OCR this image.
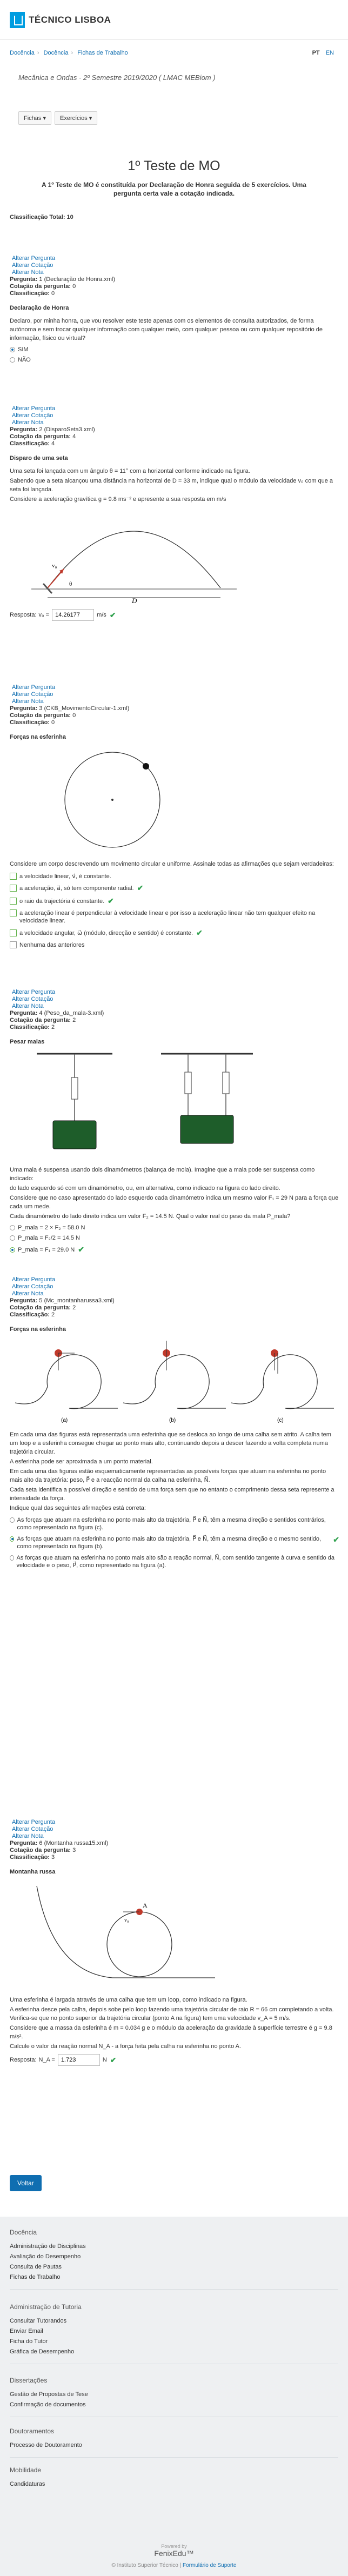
TÉCNICO LISBOA
Docência › Docência › Fichas de Trabalho	PT EN
Mecânica e Ondas - 2º Semestre 2019/2020 ( LMAC MEBiom )
Fichas ▾	Exercícios ▾
1º Teste de MO
A 1º Teste de MO é constituída por Declaração de Honra seguida de 5 exercícios. Uma pergunta certa vale a cotação indicada.
Classificação Total: 10
Alterar Pergunta
Alterar Cotação
Alterar Nota
Pergunta: 1 (Declaração de Honra.xml)
Cotação da pergunta: 0
Classificação: 0
Declaração de Honra
Declaro, por minha honra, que vou resolver este teste apenas com os elementos de consulta autorizados, de forma autónoma e sem trocar qualquer informação com qualquer meio, com qualquer pessoa ou com qualquer repositório de informação, físico ou virtual?
SIM
NÃO
Alterar Pergunta
Alterar Cotação
Alterar Nota
Pergunta: 2 (DisparoSeta3.xml)
Cotação da pergunta: 4
Classificação: 4
Disparo de uma seta

Uma seta foi lançada com um ângulo θ = 11° com a horizontal conforme indicado na figura.

Sabendo que a seta alcançou uma distância na horizontal de D = 33 m, indique qual o módulo da velocidade v₀ com que a seta foi lançada.

Considere a aceleração gravítica g = 9.8 ms⁻² e apresente a sua resposta em m/s

v₀
θ
D
Resposta: v₀ =
14.26177	m/s ✔
Alterar Pergunta
Alterar Cotação
Alterar Nota
Pergunta: 3 (CKB_MovimentoCircular-1.xml)
Cotação da pergunta: 0
Classificação: 0
Forças na esferinha
Considere um corpo descrevendo um movimento circular e uniforme. Assinale todas as afirmações que sejam verdadeiras:
a velocidade linear, v⃗, é constante.
a aceleração, a⃗, só tem componente radial. ✔
o raio da trajectória é constante. ✔
a aceleração linear é perpendicular à velocidade linear e por isso a aceleração linear não tem qualquer efeito na velocidade linear.
a velocidade angular, ω⃗ (módulo, direcção e sentido) é constante. ✔
Nenhuma das anteriores
Alterar Pergunta
Alterar Cotação
Alterar Nota
Pergunta: 4 (Peso_da_mala-3.xml)
Cotação da pergunta: 2
Classificação: 2
Pesar malas

Uma mala é suspensa usando dois dinamómetros (balança de mola). Imagine que a mala pode ser suspensa como indicado:

do lado esquerdo só com um dinamómetro, ou, em alternativa, como indicado na figura do lado direito.

Considere que no caso apresentado do lado esquerdo cada dinamómetro indica um mesmo valor F₁ = 29 N para a força que cada um mede.

Cada dinamómetro do lado direito indica um valor F₂ = 14.5 N. Qual o valor real do peso da mala P_mala?

P_mala = 2 × F₂ = 58.0 N
P_mala = F₂/2 = 14.5 N
P_mala = F₁ = 29.0 N ✔
Alterar Pergunta
Alterar Cotação
Alterar Nota
Pergunta: 5 (Mc_montanharussa3.xml)
Cotação da pergunta: 2
Classificação: 2
Forças na esferinha
(a)	(b)	(c)

Em cada uma das figuras está representada uma esferinha que se desloca ao longo de uma calha sem atrito. A calha tem um loop e a esferinha consegue chegar ao ponto mais alto, continuando depois a descer fazendo a volta completa numa trajetória circular.

A esferinha pode ser aproximada a um ponto material.

Em cada uma das figuras estão esquematicamente representadas as possíveis forças que atuam na esferinha no ponto mais alto da trajetória: peso, P⃗ e a reacção normal da calha na esferinha, N⃗.

Cada seta identifica a possível direção e sentido de uma força sem que no entanto o comprimento dessa seta represente a intensidade da força.

Indique qual das seguintes afirmações está correta:

As forças que atuam na esferinha no ponto mais alto da trajetória, P⃗ e N⃗, têm a mesma direção e sentidos contrários, como representado na figura (c).
As forças que atuam na esferinha no ponto mais alto da trajetória, P⃗ e N⃗, têm a mesma direção e o mesmo sentido, como representado na figura (b).
✔
As forças que atuam na esferinha no ponto mais alto são a reação normal, N⃗, com sentido tangente à curva e sentido da velocidade e o peso, P⃗, como representado na figura (a).
Alterar Pergunta
Alterar Cotação
Alterar Nota
Pergunta: 6 (Montanha russa15.xml)
Cotação da pergunta: 3
Classificação: 3
Montanha russa
A
v₀

Uma esferinha é largada através de uma calha que tem um loop, como indicado na figura.

A esferinha desce pela calha, depois sobe pelo loop fazendo uma trajetória circular de raio R = 66 cm completando a volta. Verifica-se que no ponto superior da trajetória circular (ponto A na figura) tem uma velocidade v_A = 5 m/s.

Considere que a massa da esferinha é m = 0.034 g e o módulo da aceleração da gravidade à superfície terrestre é g = 9.8 m/s².

Calcule o valor da reação normal N_A - a força feita pela calha na esferinha no ponto A.

Resposta: N_A =
1.723	N ✔
Voltar
Docência
Administração de Disciplinas
Avaliação do Desempenho
Consulta de Pautas
Fichas de Trabalho
Administração de Tutoria
Consultar Tutorandos
Enviar Email
Ficha do Tutor
Gráfica de Desempenho
Dissertações
Gestão de Propostas de Tese
Confirmação de documentos
Doutoramentos
Processo de Doutoramento
Mobilidade
Candidaturas
Powered by
FenixEdu™
© Instituto Superior Técnico | Formulário de Suporte
